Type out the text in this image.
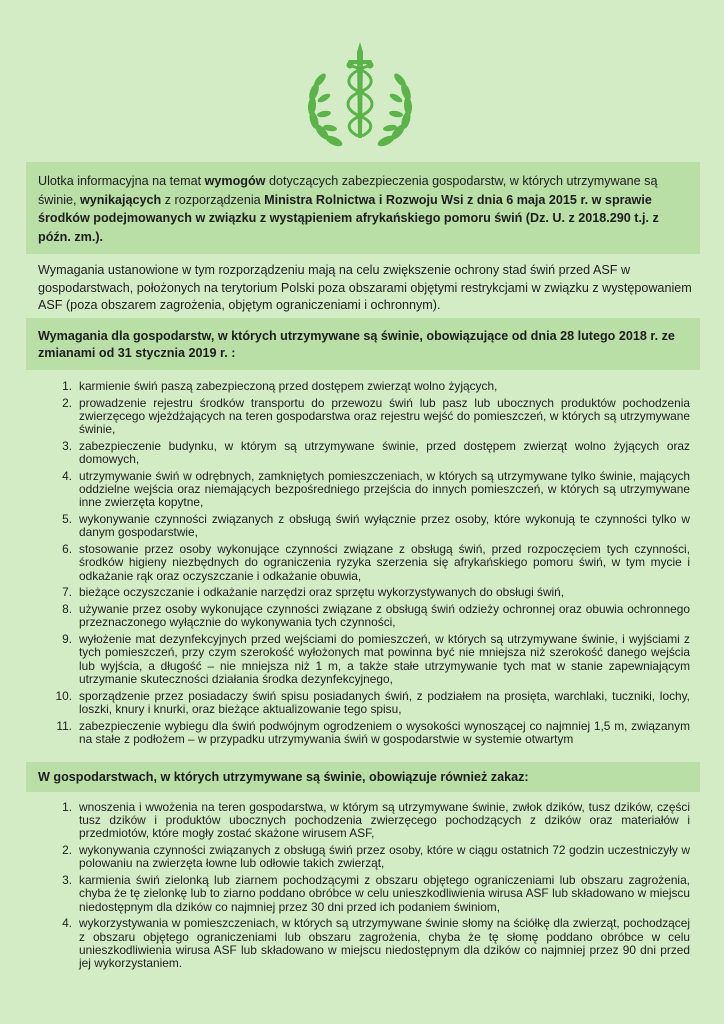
Ulotka informacyjna na temat wymogów dotyczących zabezpieczenia gospodarstw, w których utrzymywane są świnie, wynikających z rozporządzenia Ministra Rolnictwa i Rozwoju Wsi z dnia 6 maja 2015 r. w sprawie środków podejmowanych w związku z wystąpieniem afrykańskiego pomoru świń (Dz. U. z 2018.290 t.j. z późn. zm.).
Wymagania ustanowione w tym rozporządzeniu mają na celu zwiększenie ochrony stad świń przed ASF w gospodarstwach, położonych na terytorium Polski poza obszarami objętymi restrykcjami w związku z występowaniem ASF (poza obszarem zagrożenia, objętym ograniczeniami i ochronnym).
Wymagania dla gospodarstw, w których utrzymywane są świnie, obowiązujące od dnia 28 lutego 2018 r. ze zmianami od 31 stycznia 2019 r. :
1. karmienie świń paszą zabezpieczoną przed dostępem zwierząt wolno żyjących,
2. prowadzenie rejestru środków transportu do przewozu świń lub pasz lub ubocznych produktów pochodzenia zwierzęcego wjeżdżających na teren gospodarstwa oraz rejestru wejść do pomieszczeń, w których są utrzymywane świnie,
3. zabezpieczenie budynku, w którym są utrzymywane świnie, przed dostępem zwierząt wolno żyjących oraz domowych,
4. utrzymywanie świń w odrębnych, zamkniętych pomieszczeniach, w których są utrzymywane tylko świnie, mających oddzielne wejścia oraz niemających bezpośredniego przejścia do innych pomieszczeń, w których są utrzymywane inne zwierzęta kopytne,
5. wykonywanie czynności związanych z obsługą świń wyłącznie przez osoby, które wykonują te czynności tylko w danym gospodarstwie,
6. stosowanie przez osoby wykonujące czynności związane z obsługą świń, przed rozpoczęciem tych czynności, środków higieny niezbędnych do ograniczenia ryzyka szerzenia się afrykańskiego pomoru świń, w tym mycie i odkażanie rąk oraz oczyszczanie i odkażanie obuwia,
7. bieżące oczyszczanie i odkażanie narzędzi oraz sprzętu wykorzystywanych do obsługi świń,
8. używanie przez osoby wykonujące czynności związane z obsługą świń odzieży ochronnej oraz obuwia ochronnego przeznaczonego wyłącznie do wykonywania tych czynności,
9. wyłożenie mat dezynfekcyjnych przed wejściami do pomieszczeń, w których są utrzymywane świnie, i wyjściami z tych pomieszczeń, przy czym szerokość wyłożonych mat powinna być nie mniejsza niż szerokość danego wejścia lub wyjścia, a długość – nie mniejsza niż 1 m, a także stałe utrzymywanie tych mat w stanie zapewniającym utrzymanie skuteczności działania środka dezynfekcyjnego,
10. sporządzenie przez posiadaczy świń spisu posiadanych świń, z podziałem na prosięta, warchlaki, tuczniki, lochy, loszki, knury i knurki, oraz bieżące aktualizowanie tego spisu,
11. zabezpieczenie wybiegu dla świń podwójnym ogrodzeniem o wysokości wynoszącej co najmniej 1,5 m, związanym na stałe z podłożem – w przypadku utrzymywania świń w gospodarstwie w systemie otwartym
W gospodarstwach, w których utrzymywane są świnie, obowiązuje również zakaz:
1. wnoszenia i wwożenia na teren gospodarstwa, w którym są utrzymywane świnie, zwłok dzików, tusz dzików, części tusz dzików i produktów ubocznych pochodzenia zwierzęcego pochodzących z dzików oraz materiałów i przedmiotów, które mogły zostać skażone wirusem ASF,
2. wykonywania czynności związanych z obsługą świń przez osoby, które w ciągu ostatnich 72 godzin uczestniczyły w polowaniu na zwierzęta łowne lub odłowie takich zwierząt,
3. karmienia świń zielonką lub ziarnem pochodzącymi z obszaru objętego ograniczeniami lub obszaru zagrożenia, chyba że tę zielonkę lub to ziarno poddano obróbce w celu unieszkodliwienia wirusa ASF lub składowano w miejscu niedostępnym dla dzików co najmniej przez 30 dni przed ich podaniem świniom,
4. wykorzystywania w pomieszczeniach, w których są utrzymywane świnie słomy na ściółkę dla zwierząt, pochodzącej z obszaru objętego ograniczeniami lub obszaru zagrożenia, chyba że tę słomę poddano obróbce w celu unieszkodliwienia wirusa ASF lub składowano w miejscu niedostępnym dla dzików co najmniej przez 90 dni przed jej wykorzystaniem.
